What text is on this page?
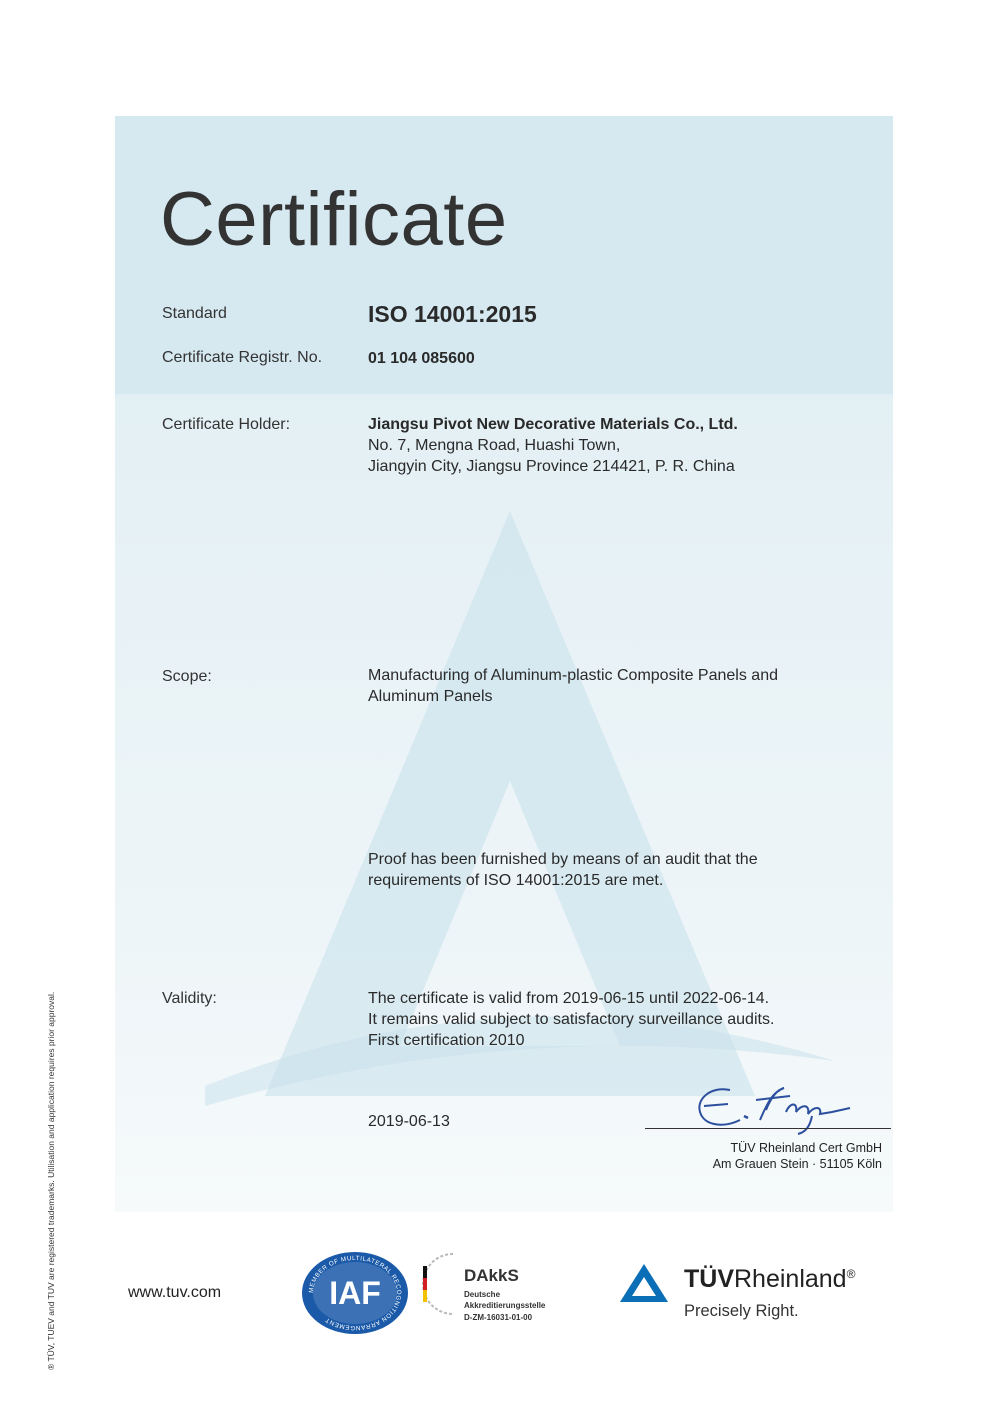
Certificate
Standard	ISO 14001:2015
Certificate Registr. No.	01 104 085600
Certificate Holder:	Jiangsu Pivot New Decorative Materials Co., Ltd.
No. 7, Mengna Road, Huashi Town,
Jiangyin City, Jiangsu Province 214421, P. R. China
Scope:	Manufacturing of Aluminum-plastic Composite Panels and
Aluminum Panels
Proof has been furnished by means of an audit that the
requirements of ISO 14001:2015 are met.
Validity:	The certificate is valid from 2019-06-15 until 2022-06-14.
It remains valid subject to satisfactory surveillance audits.
First certification 2010
2019-06-13
TÜV Rheinland Cert GmbH
Am Grauen Stein · 51105 Köln
® TÜV, TUEV and TUV are registered trademarks. Utilisation and application requires prior approval.	www.tuv.com	MEMBER OF MULTILATERAL RECOGNITION ARRANGEMENT
IAF	DAkkS
Deutsche
Akkreditierungsstelle
D-ZM-16031-01-00
TÜVRheinland®
Precisely Right.
